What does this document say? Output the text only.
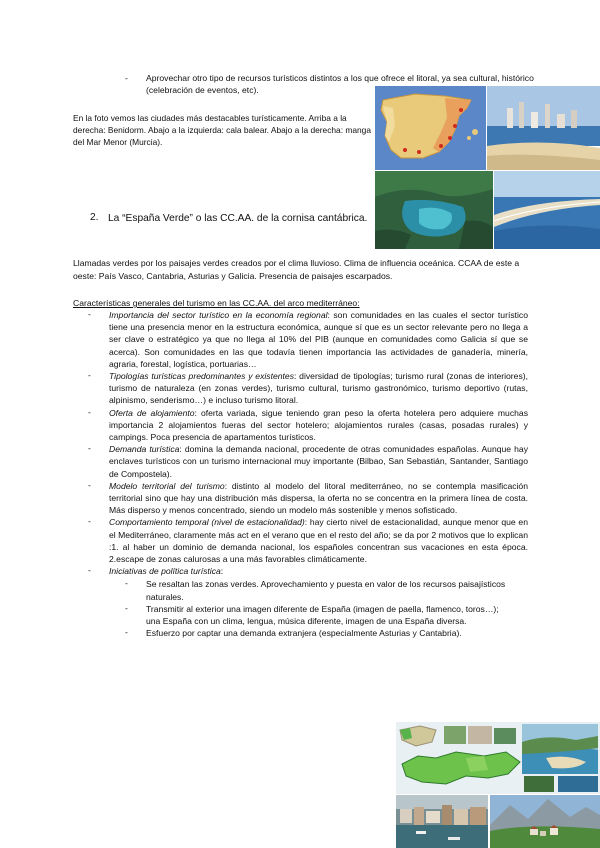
- Aprovechar otro tipo de recursos turísticos distintos a los que ofrece el litoral, ya sea cultural, histórico (celebración de eventos, etc).
En la foto vemos las ciudades más destacables turísticamente. Arriba a la derecha: Benidorm. Abajo a la izquierda: cala balear. Abajo a la derecha: manga del Mar Menor (Murcia).
2. La “España Verde” o las CC.AA. de la cornisa cantábrica.
Llamadas verdes por los paisajes verdes creados por el clima lluvioso. Clima de influencia oceánica. CCAA de este a oeste: País Vasco, Cantabria, Asturias y Galicia. Presencia de paisajes escarpados.
Características generales del turismo en las CC.AA. del arco mediterráneo:
- Importancia del sector turístico en la economía regional: son comunidades en las cuales el sector turístico tiene una presencia menor en la estructura económica, aunque sí que es un sector relevante pero no llega a ser clave o estratégico ya que no llega al 10% del PIB (aunque en comunidades como Galicia sí que se acerca). Son comunidades en las que todavía tienen importancia las actividades de ganadería, minería, agraria, forestal, logística, portuarias…
- Tipologías turísticas predominantes y existentes: diversidad de tipologías; turismo rural (zonas de interiores), turismo de naturaleza (en zonas verdes), turismo cultural, turismo gastronómico, turismo deportivo (rutas, alpinismo, senderismo…) e incluso turismo litoral.
- Oferta de alojamiento: oferta variada, sigue teniendo gran peso la oferta hotelera pero adquiere muchas importancia 2 alojamientos fueras del sector hotelero; alojamientos rurales (casas, posadas rurales) y campings. Poca presencia de apartamentos turísticos.
- Demanda turística: domina la demanda nacional, procedente de otras comunidades españolas. Aunque hay enclaves turísticos con un turismo internacional muy importante (Bilbao, San Sebastián, Santander, Santiago de Compostela).
- Modelo territorial del turismo: distinto al modelo del litoral mediterráneo, no se contempla masificación territorial sino que hay una distribución más dispersa, la oferta no se concentra en la primera línea de costa. Más disperso y menos concentrado, siendo un modelo más sostenible y menos sofisticado.
- Comportamiento temporal (nivel de estacionalidad): hay cierto nivel de estacionalidad, aunque menor que en el Mediterráneo, claramente más act en el verano que en el resto del año; se da por 2 motivos que lo explican :1. al haber un dominio de demanda nacional, los españoles concentran sus vacaciones en esta época. 2.escape de zonas calurosas a una más favorables climáticamente.
- Iniciativas de política turística:
- Se resaltan las zonas verdes. Aprovechamiento y puesta en valor de los recursos paisajísticos naturales.
- Transmitir al exterior una imagen diferente de España (imagen de paella, flamenco, toros…); una España con un clima, lengua, música diferente, imagen de una España diversa.
- Esfuerzo por captar una demanda extranjera (especialmente Asturias y Cantabria).
